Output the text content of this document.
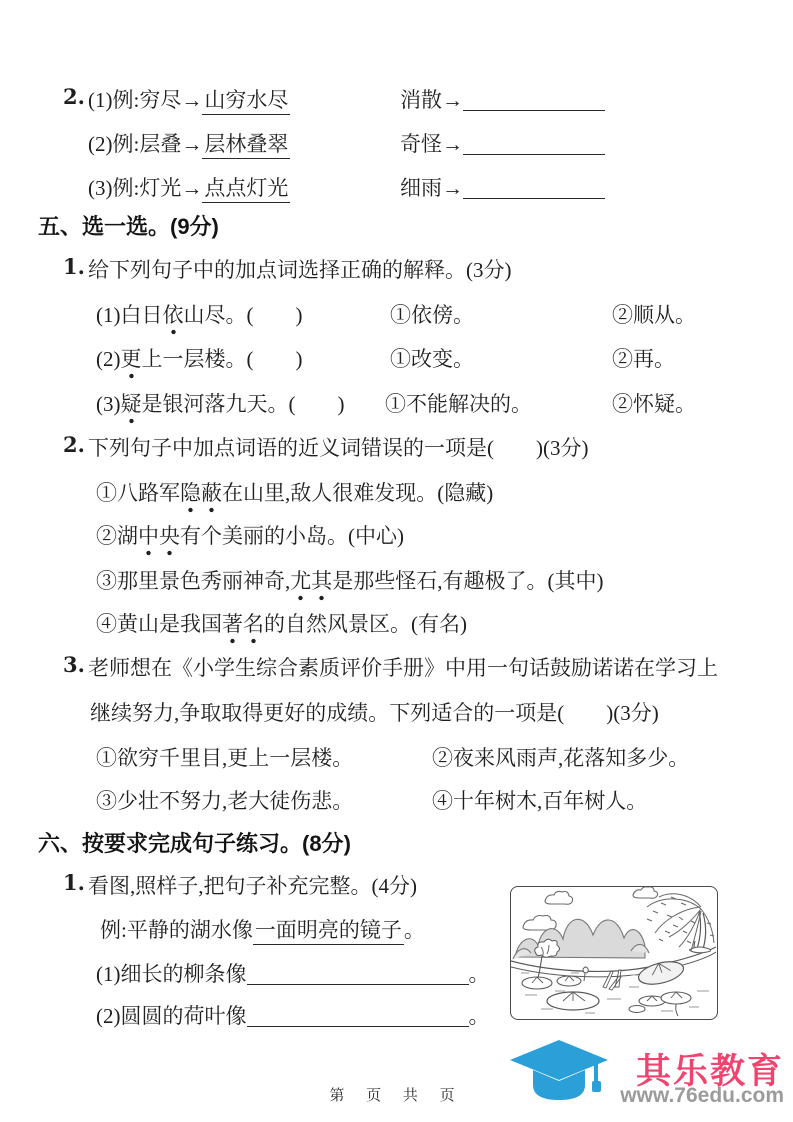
2. (1)例:穷尽→山穷水尽	消散→
(2)例:层叠→层林叠翠	奇怪→
(3)例:灯光→点点灯光	细雨→
五、选一选。(9分)
1. 给下列句子中的加点词选择正确的解释。(3分)
(1)白日依山尽。(　　)	①依傍。	②顺从。
(2)更上一层楼。(　　)	①改变。	②再。
(3)疑是银河落九天。(　　) ①不能解决的。	②怀疑。
2. 下列句子中加点词语的近义词错误的一项是(　　)(3分)
①八路军隐蔽在山里,敌人很难发现。(隐藏)
②湖中央有个美丽的小岛。(中心)
③那里景色秀丽神奇,尤其是那些怪石,有趣极了。(其中)
④黄山是我国著名的自然风景区。(有名)
3. 老师想在《小学生综合素质评价手册》中用一句话鼓励诺诺在学习上
继续努力,争取取得更好的成绩。下列适合的一项是(　　)(3分)
①欲穷千里目,更上一层楼。	②夜来风雨声,花落知多少。
③少壮不努力,老大徒伤悲。	④十年树木,百年树人。
六、按要求完成句子练习。(8分)
1. 看图,照样子,把句子补充完整。(4分)
例:平静的湖水像一面明亮的镜子。
(1)细长的柳条像	。
(2)圆圆的荷叶像	。
第 页 共 页
其乐教育
www.76edu.com
